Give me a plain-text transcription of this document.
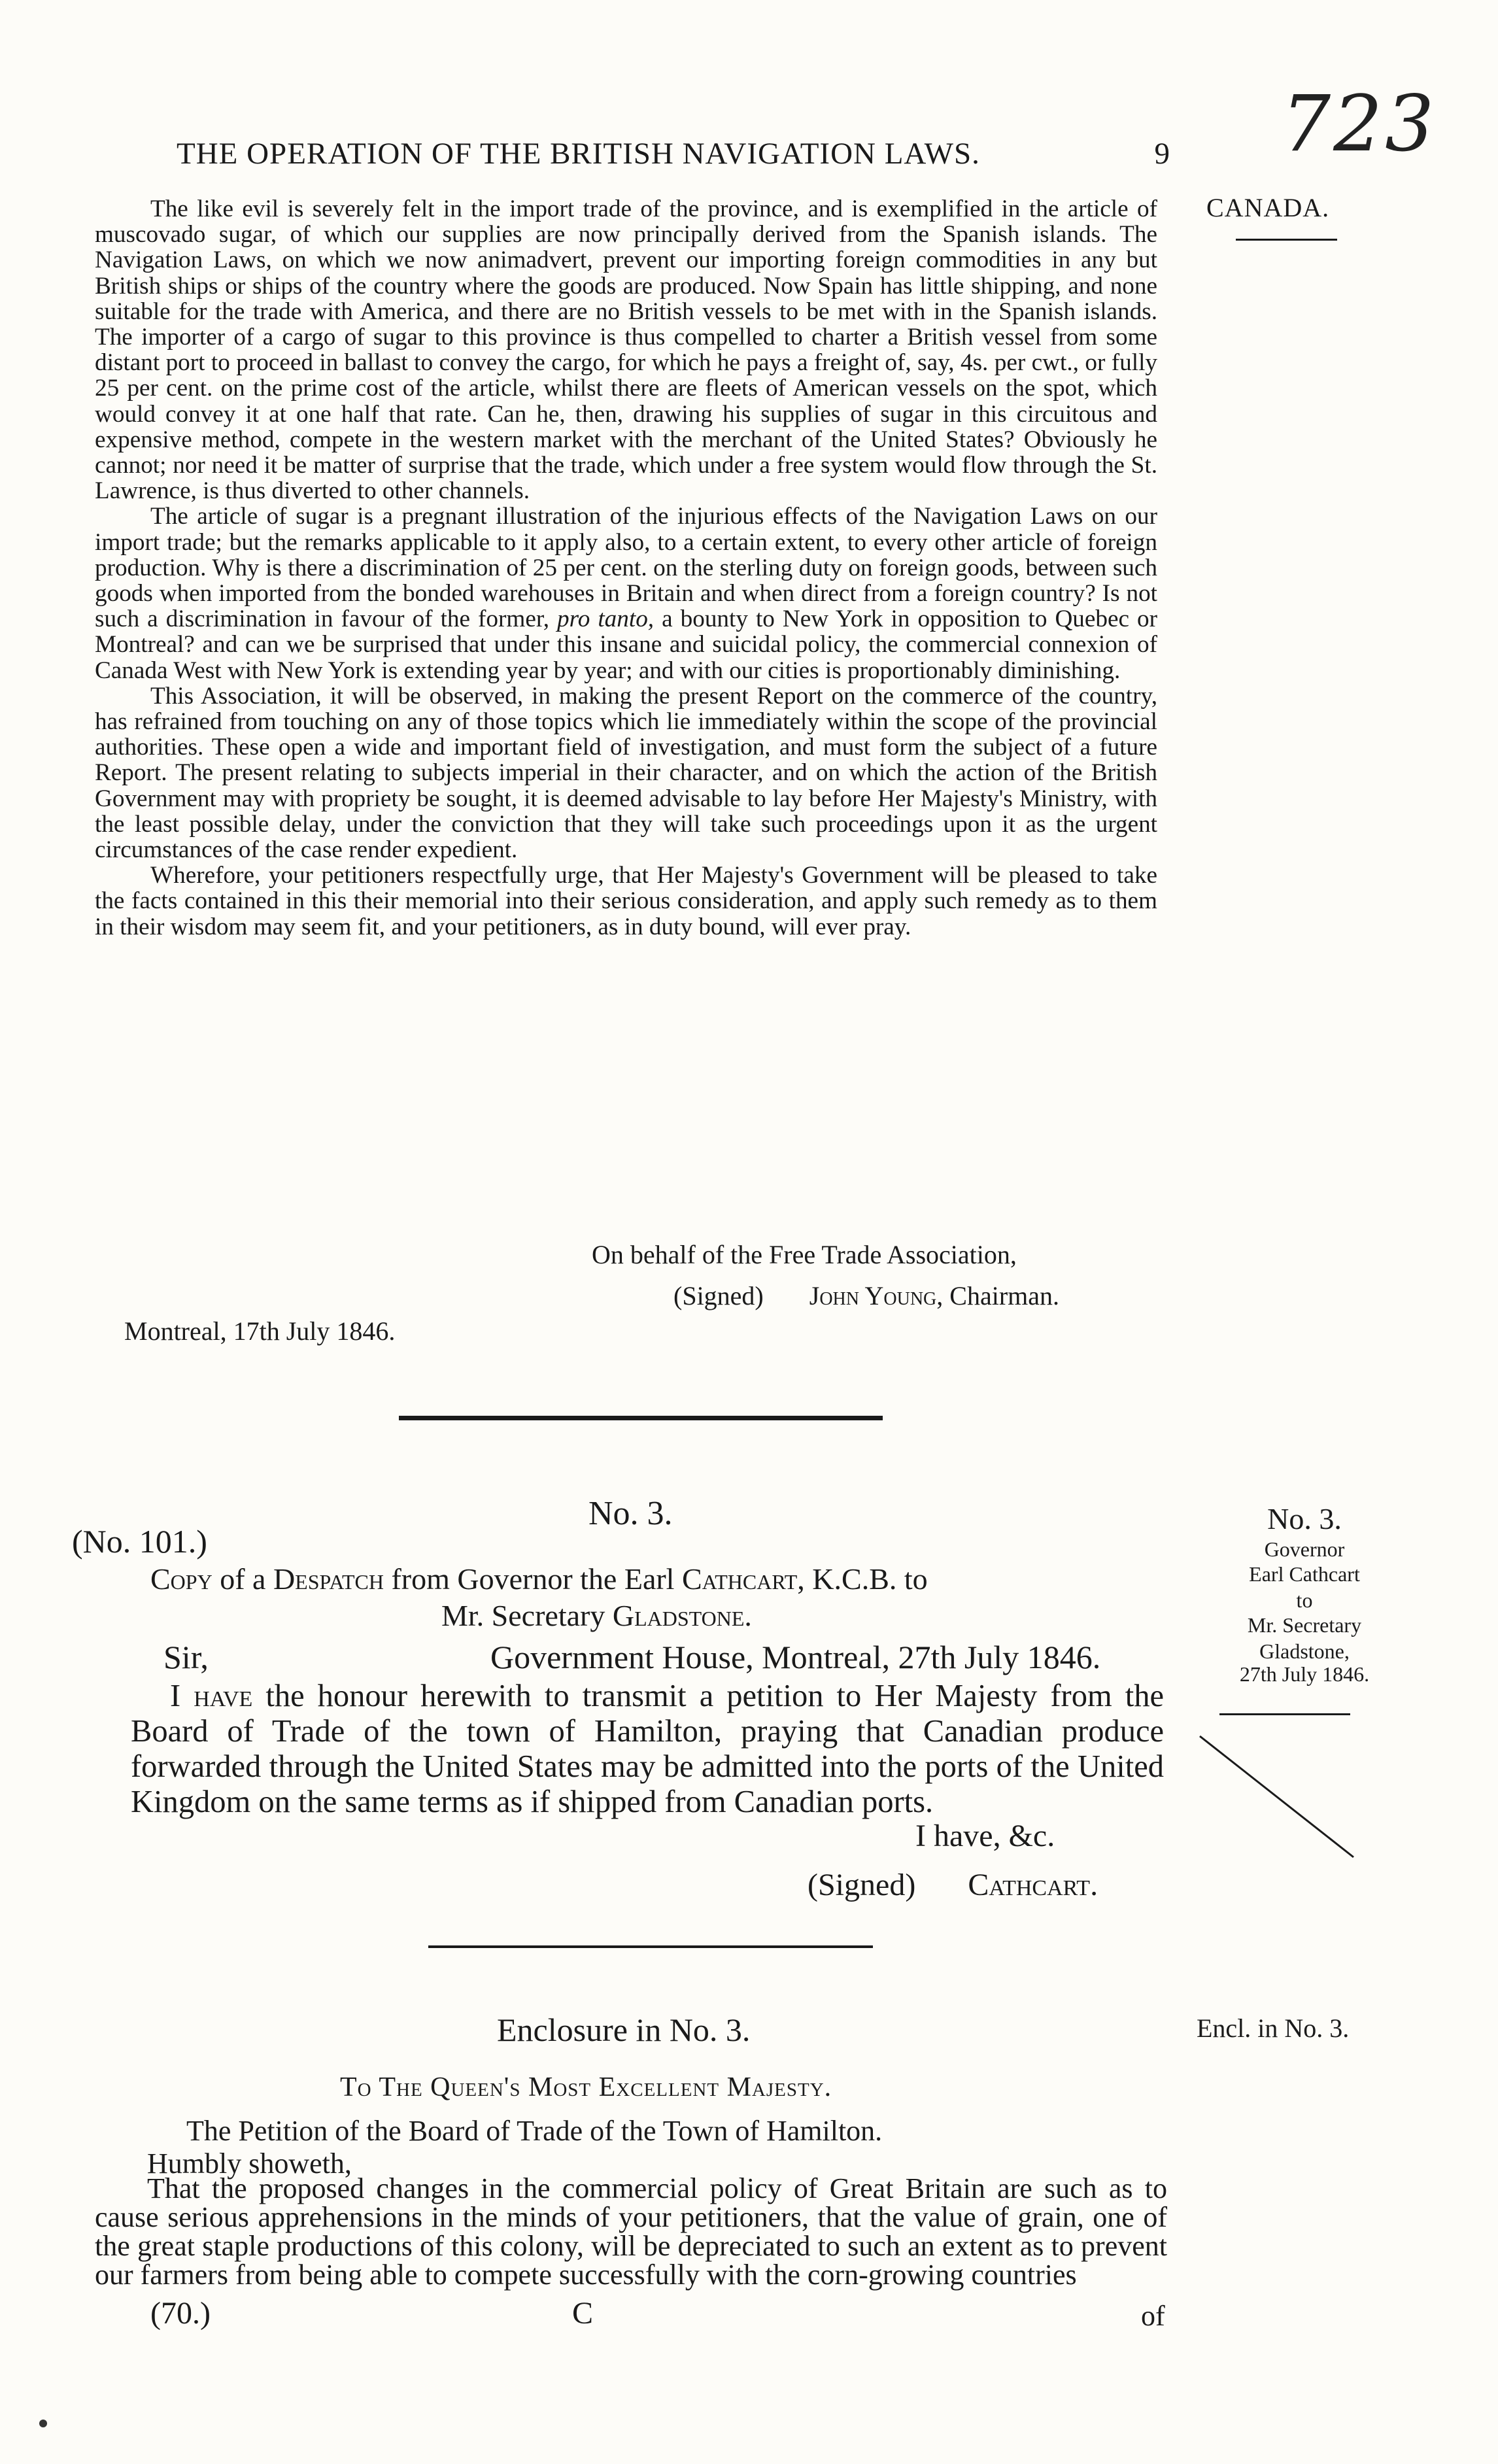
723
THE OPERATION OF THE BRITISH NAVIGATION LAWS.	9
CANADA.

The like evil is severely felt in the import trade of the province, and is exemplified in the article of muscovado sugar, of which our supplies are now principally derived from the Spanish islands. The Navigation Laws, on which we now animadvert, prevent our importing foreign commodities in any but British ships or ships of the country where the goods are produced. Now Spain has little shipping, and none suitable for the trade with America, and there are no British vessels to be met with in the Spanish islands. The importer of a cargo of sugar to this province is thus compelled to charter a British vessel from some distant port to proceed in ballast to convey the cargo, for which he pays a freight of, say, 4s. per cwt., or fully 25 per cent. on the prime cost of the article, whilst there are fleets of American vessels on the spot, which would convey it at one half that rate. Can he, then, drawing his supplies of sugar in this circuitous and expensive method, compete in the western market with the merchant of the United States? Obviously he cannot; nor need it be matter of surprise that the trade, which under a free system would flow through the St. Lawrence, is thus diverted to other channels.

The article of sugar is a pregnant illustration of the injurious effects of the Navigation Laws on our import trade; but the remarks applicable to it apply also, to a certain extent, to every other article of foreign production. Why is there a discrimination of 25 per cent. on the sterling duty on foreign goods, between such goods when imported from the bonded warehouses in Britain and when direct from a foreign country? Is not such a discrimination in favour of the former, pro tanto, a bounty to New York in opposition to Quebec or Montreal? and can we be surprised that under this insane and suicidal policy, the commercial connexion of Canada West with New York is extending year by year; and with our cities is proportionably diminishing.

This Association, it will be observed, in making the present Report on the commerce of the country, has refrained from touching on any of those topics which lie immediately within the scope of the provincial authorities. These open a wide and important field of investigation, and must form the subject of a future Report. The present relating to subjects imperial in their character, and on which the action of the British Government may with propriety be sought, it is deemed advisable to lay before Her Majesty's Ministry, with the least possible delay, under the conviction that they will take such proceedings upon it as the urgent circumstances of the case render expedient.

Wherefore, your petitioners respectfully urge, that Her Majesty's Government will be pleased to take the facts contained in this their memorial into their serious consideration, and apply such remedy as to them in their wisdom may seem fit, and your petitioners, as in duty bound, will ever pray.

On behalf of the Free Trade Association,
(Signed) John Young, Chairman.
Montreal, 17th July 1846.
No. 3.	No. 3.
Governor
Earl Cathcart
to
Mr. Secretary
Gladstone,
27th July 1846.
(No. 101.)
Copy of a Despatch from Governor the Earl Cathcart, K.C.B. to
Mr. Secretary Gladstone.
Sir,	Government House, Montreal, 27th July 1846.

I have the honour herewith to transmit a petition to Her Majesty from the Board of Trade of the town of Hamilton, praying that Canadian produce forwarded through the United States may be admitted into the ports of the United Kingdom on the same terms as if shipped from Canadian ports.

I have, &c.
(Signed) Cathcart.
Enclosure in No. 3.	Encl. in No. 3.
To The Queen's Most Excellent Majesty.
The Petition of the Board of Trade of the Town of Hamilton.
Humbly showeth,

That the proposed changes in the commercial policy of Great Britain are such as to cause serious apprehensions in the minds of your petitioners, that the value of grain, one of the great staple productions of this colony, will be depreciated to such an extent as to prevent our farmers from being able to compete successfully with the corn-growing countries

(70.)	C	of
